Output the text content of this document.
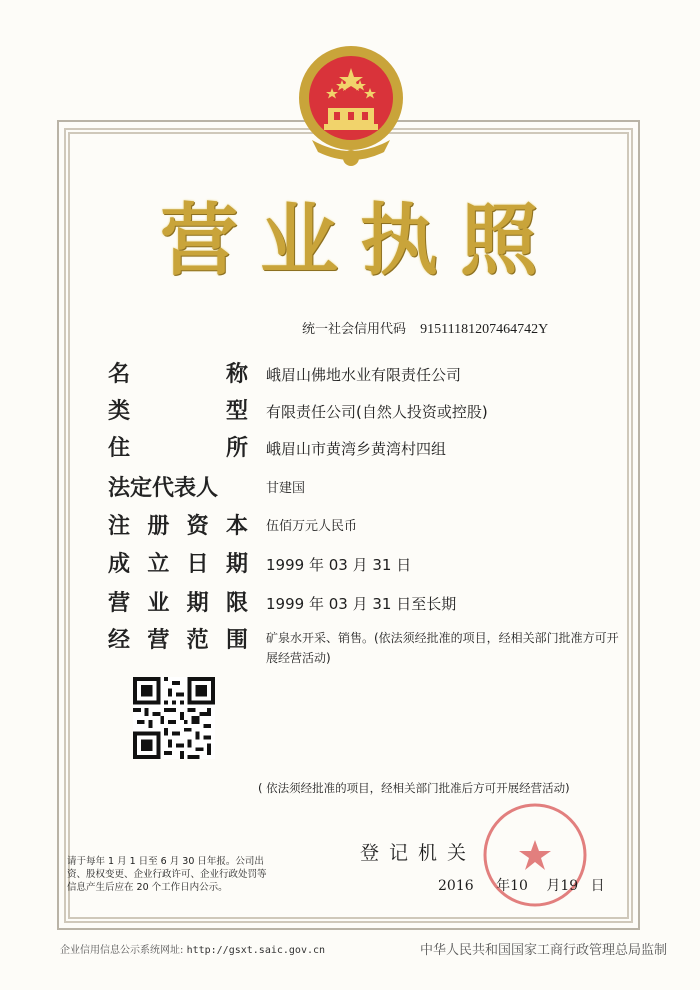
营业执照
统一社会信用代码 91511181207464742Y
名	称 峨眉山佛地水业有限责任公司
类	型 有限责任公司(自然人投资或控股)
住	所 峨眉山市黄湾乡黄湾村四组
法定代表人	甘建国
注 册 资 本 伍佰万元人民币
成 立 日 期 1999 年 03 月 31 日
营 业 期 限 1999 年 03 月 31 日至长期
经 营 范 围 矿泉水开采、销售。(依法须经批准的项目，经相关部门批准方可开展经营活动)
( 依法须经批准的项目，经相关部门批准后方可开展经营活动)
登记机关
2016 年10 月19 日
请于每年 1 月 1 日至 6 月 30 日年报。公司出资、股权变更、企业行政许可、企业行政处罚等信息产生后应在 20 个工作日内公示。
企业信用信息公示系统网址: http://gsxt.saic.gov.cn	中华人民共和国国家工商行政管理总局监制
